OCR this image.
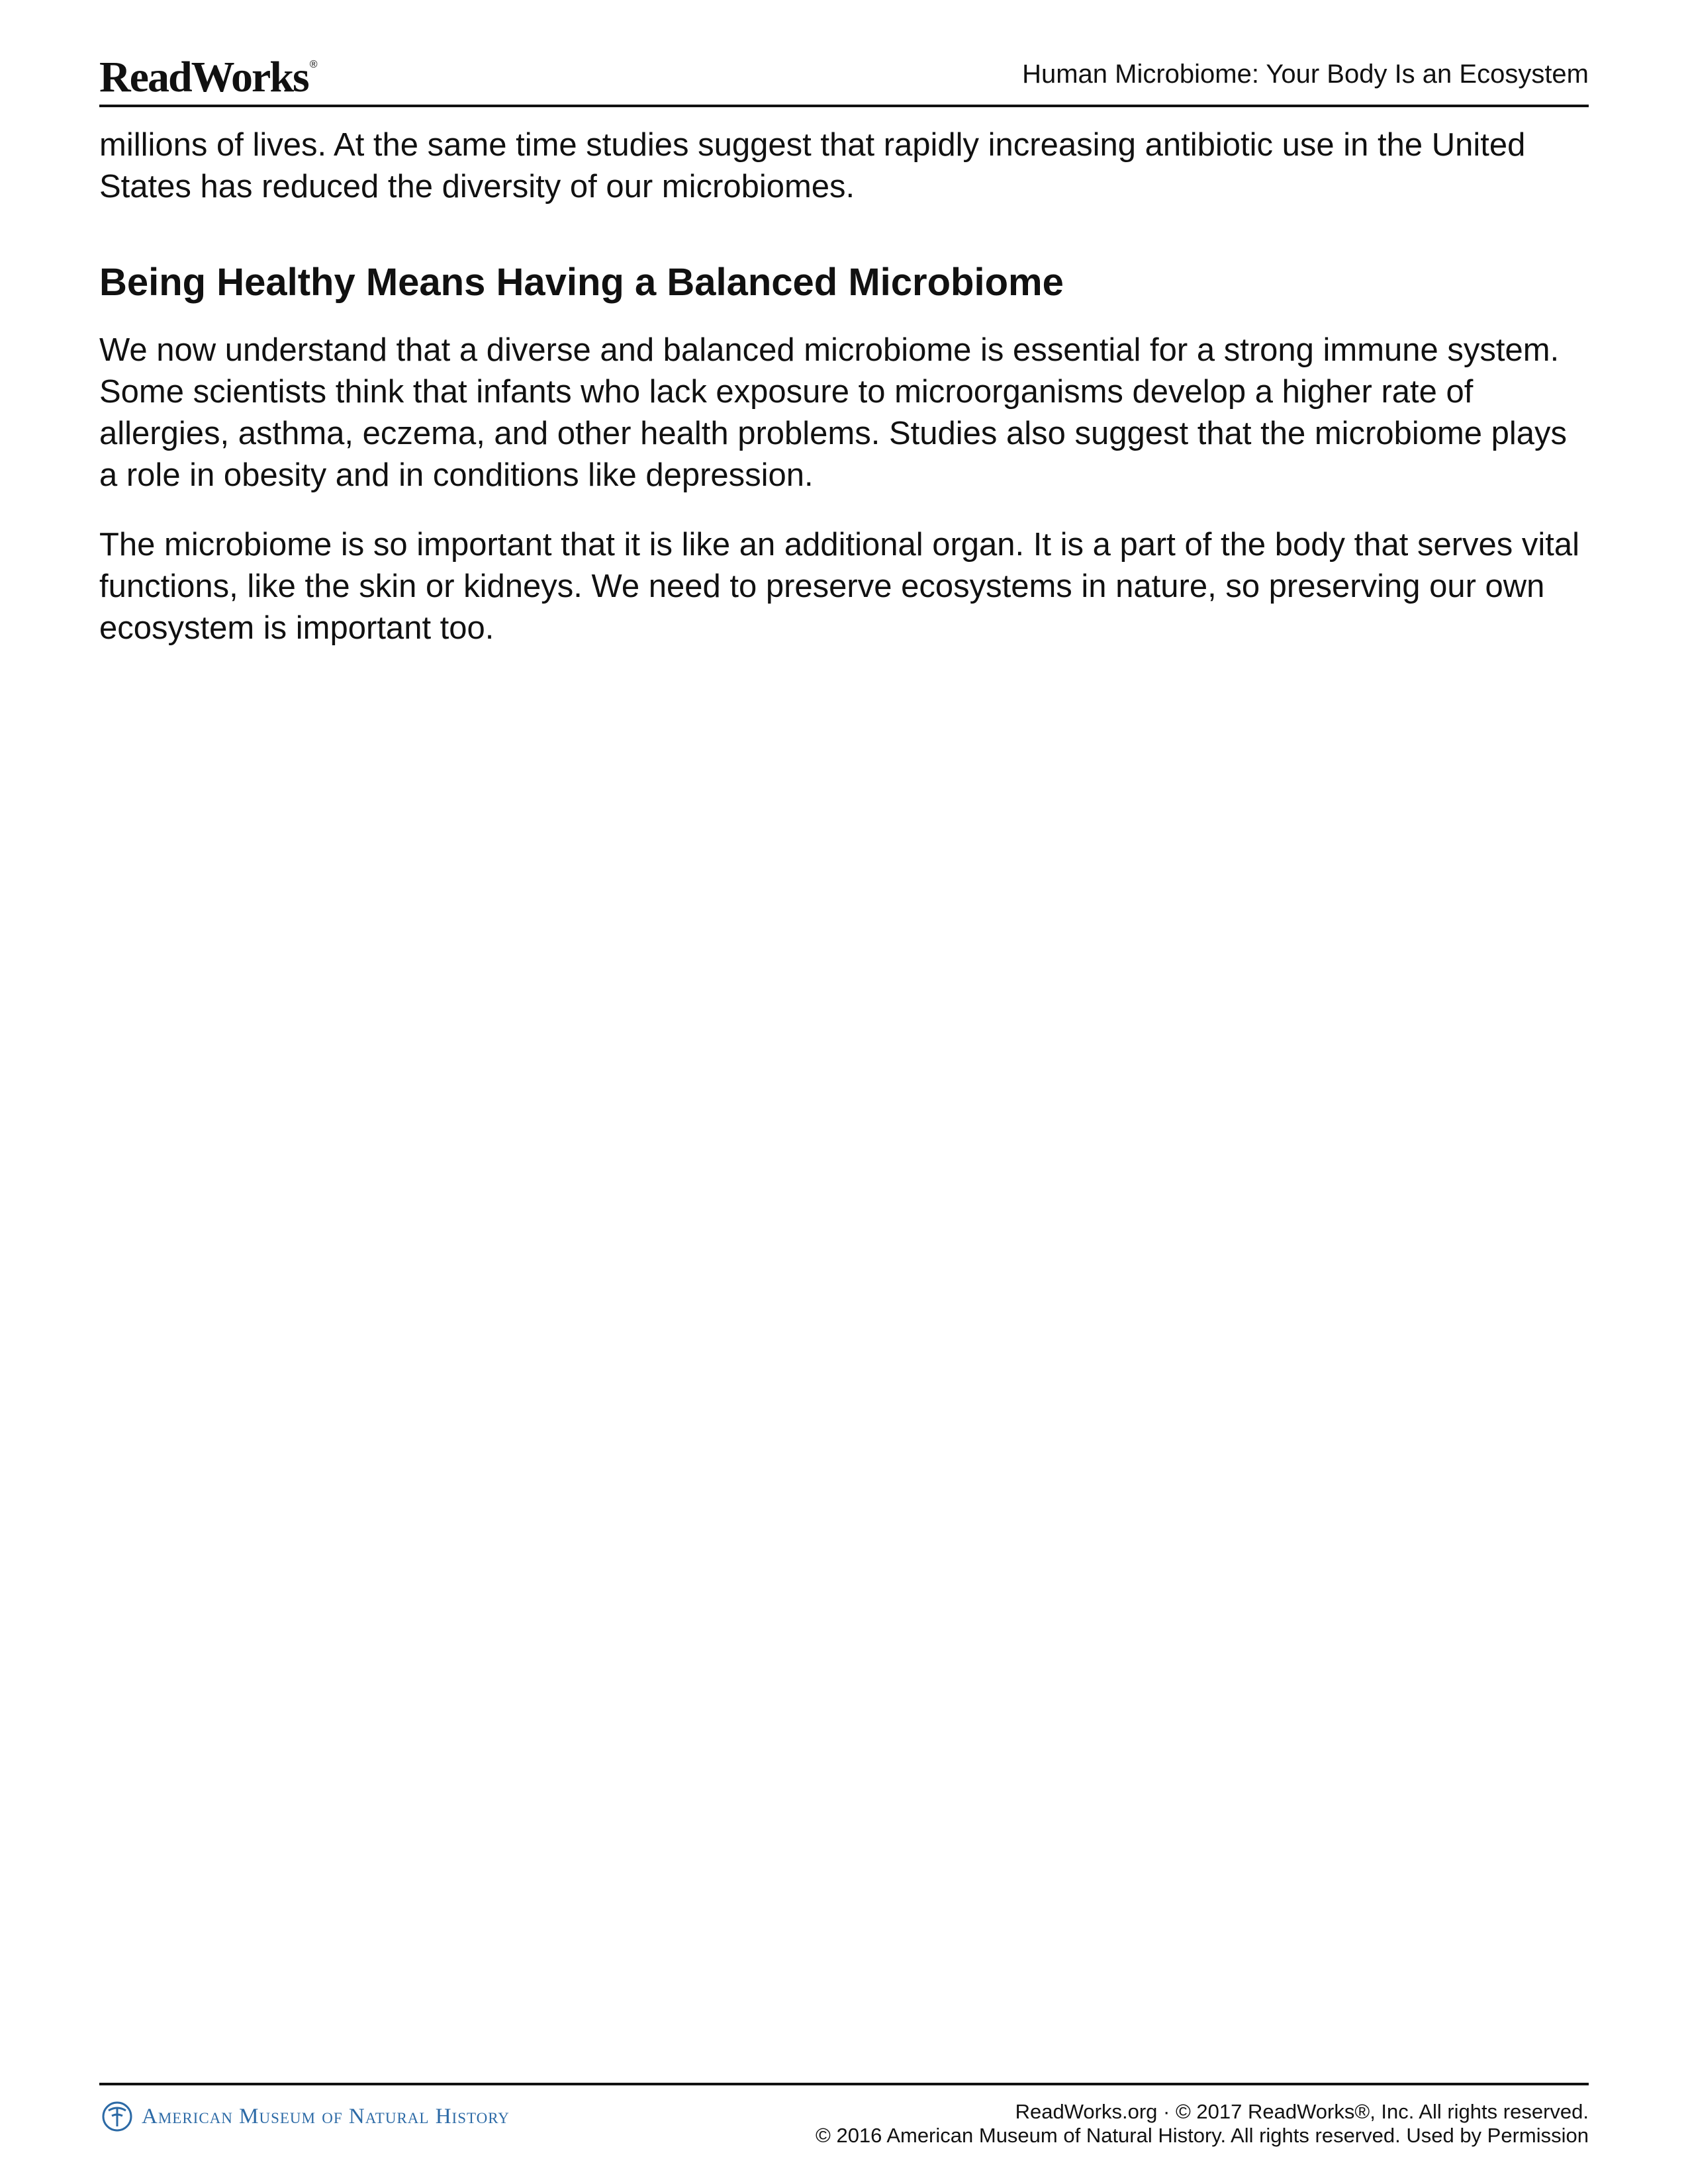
ReadWorks ®	Human Microbiome: Your Body Is an Ecosystem

millions of lives. At the same time studies suggest that rapidly increasing antibiotic use in the United States has reduced the diversity of our microbiomes.

Being Healthy Means Having a Balanced Microbiome

We now understand that a diverse and balanced microbiome is essential for a strong immune system. Some scientists think that infants who lack exposure to microorganisms develop a higher rate of allergies, asthma, eczema, and other health problems. Studies also suggest that the microbiome plays a role in obesity and in conditions like depression.

The microbiome is so important that it is like an additional organ. It is a part of the body that serves vital functions, like the skin or kidneys. We need to preserve ecosystems in nature, so preserving our own ecosystem is important too.

American Museum of Natural History	ReadWorks.org · © 2017 ReadWorks®, Inc. All rights reserved.
© 2016 American Museum of Natural History. All rights reserved. Used by Permission
